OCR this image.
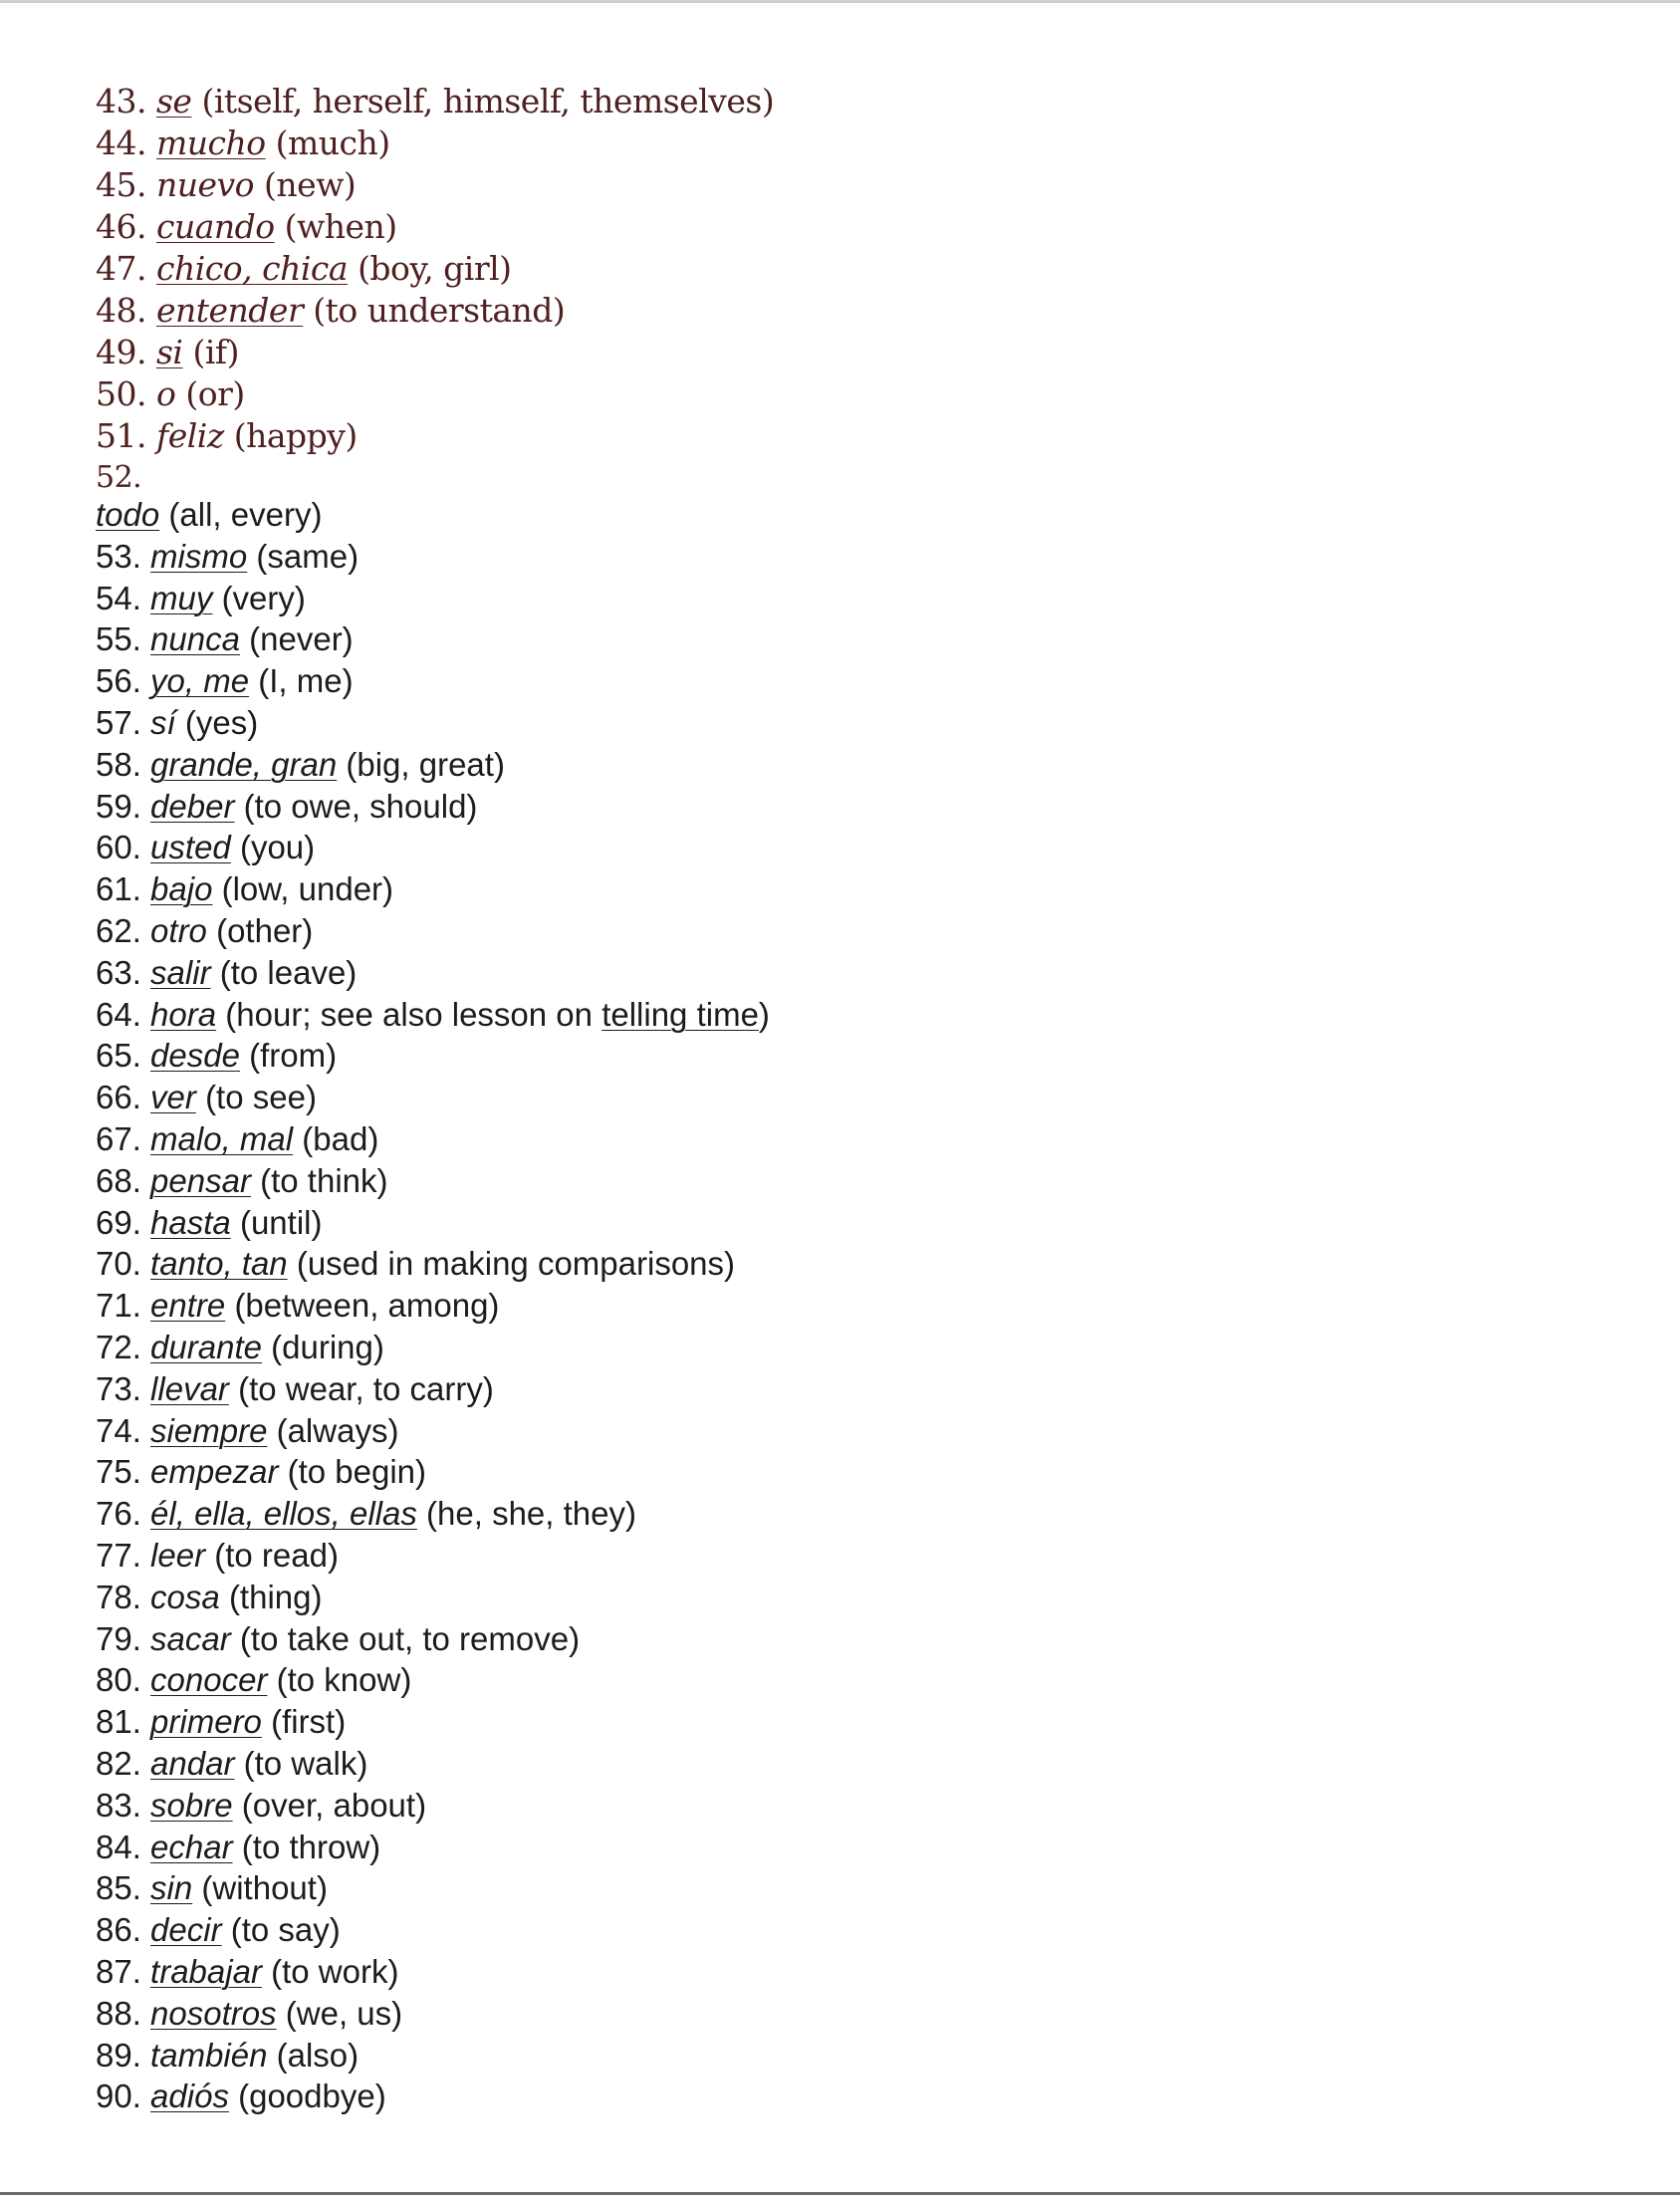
43. se (itself, herself, himself, themselves)
44. mucho (much)
45. nuevo (new)
46. cuando (when)
47. chico, chica (boy, girl)
48. entender (to understand)
49. si (if)
50. o (or)
51. feliz (happy)
todo (all, every)
53. mismo (same)
54. muy (very)
55. nunca (never)
56. yo, me (I, me)
57. sí (yes)
58. grande, gran (big, great)
59. deber (to owe, should)
60. usted (you)
61. bajo (low, under)
62. otro (other)
63. salir (to leave)
64. hora (hour; see also lesson on telling time)
65. desde (from)
66. ver (to see)
67. malo, mal (bad)
68. pensar (to think)
69. hasta (until)
70. tanto, tan (used in making comparisons)
71. entre (between, among)
72. durante (during)
73. llevar (to wear, to carry)
74. siempre (always)
75. empezar (to begin)
76. él, ella, ellos, ellas (he, she, they)
77. leer (to read)
78. cosa (thing)
79. sacar (to take out, to remove)
80. conocer (to know)
81. primero (first)
82. andar (to walk)
83. sobre (over, about)
84. echar (to throw)
85. sin (without)
86. decir (to say)
87. trabajar (to work)
88. nosotros (we, us)
89. también (also)
90. adiós (goodbye)
52.
